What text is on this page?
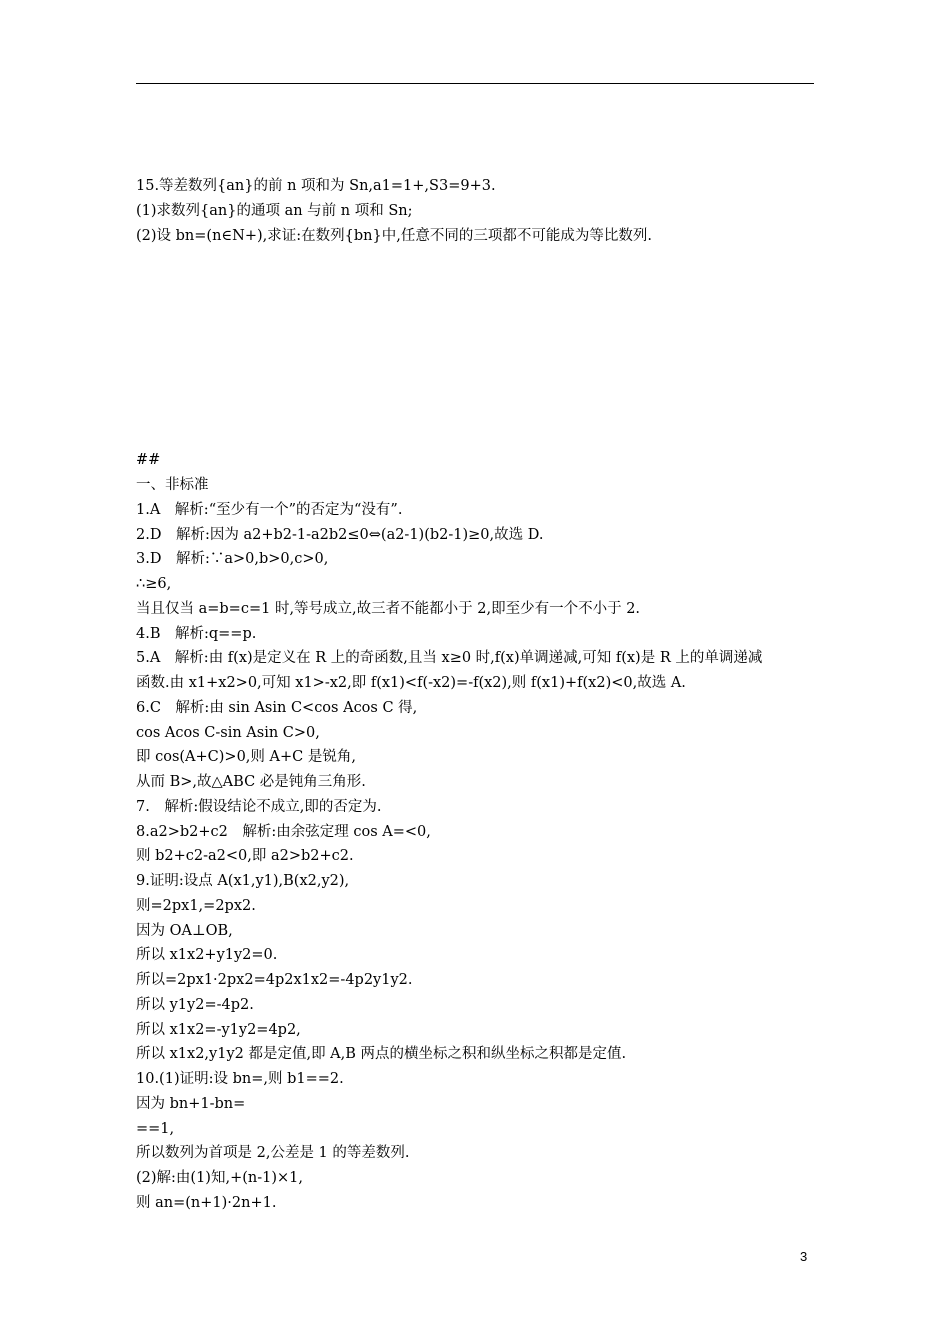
15.等差数列{an}的前 n 项和为 Sn,a1=1+,S3=9+3.
(1)求数列{an}的通项 an 与前 n 项和 Sn;
(2)设 bn=(n∈N+),求证:在数列{bn}中,任意不同的三项都不可能成为等比数列.
##
一、非标准
1.A　解析:“至少有一个”的否定为“没有”.
2.D　解析:因为 a2+b2-1-a2b2≤0⇔(a2-1)(b2-1)≥0,故选 D.
3.D　解析:∵a>0,b>0,c>0,
∴≥6,
当且仅当 a=b=c=1 时,等号成立,故三者不能都小于 2,即至少有一个不小于 2.
4.B　解析:q==p.
5.A　解析:由 f(x)是定义在 R 上的奇函数,且当 x≥0 时,f(x)单调递减,可知 f(x)是 R 上的单调递减
函数.由 x1+x2>0,可知 x1>-x2,即 f(x1)<f(-x2)=-f(x2),则 f(x1)+f(x2)<0,故选 A.
6.C　解析:由 sin Asin C<cos Acos C 得,
cos Acos C-sin Asin C>0,
即 cos(A+C)>0,则 A+C 是锐角,
从而 B>,故△ABC 必是钝角三角形.
7.　解析:假设结论不成立,即的否定为.
8.a2>b2+c2　解析:由余弦定理 cos A=<0,
则 b2+c2-a2<0,即 a2>b2+c2.
9.证明:设点 A(x1,y1),B(x2,y2),
则=2px1,=2px2.
因为 OA⊥OB,
所以 x1x2+y1y2=0.
所以=2px1·2px2=4p2x1x2=-4p2y1y2.
所以 y1y2=-4p2.
所以 x1x2=-y1y2=4p2,
所以 x1x2,y1y2 都是定值,即 A,B 两点的横坐标之积和纵坐标之积都是定值.
10.(1)证明:设 bn=,则 b1==2.
因为 bn+1-bn=
==1,
所以数列为首项是 2,公差是 1 的等差数列.
(2)解:由(1)知,+(n-1)×1,
则 an=(n+1)·2n+1.
3
